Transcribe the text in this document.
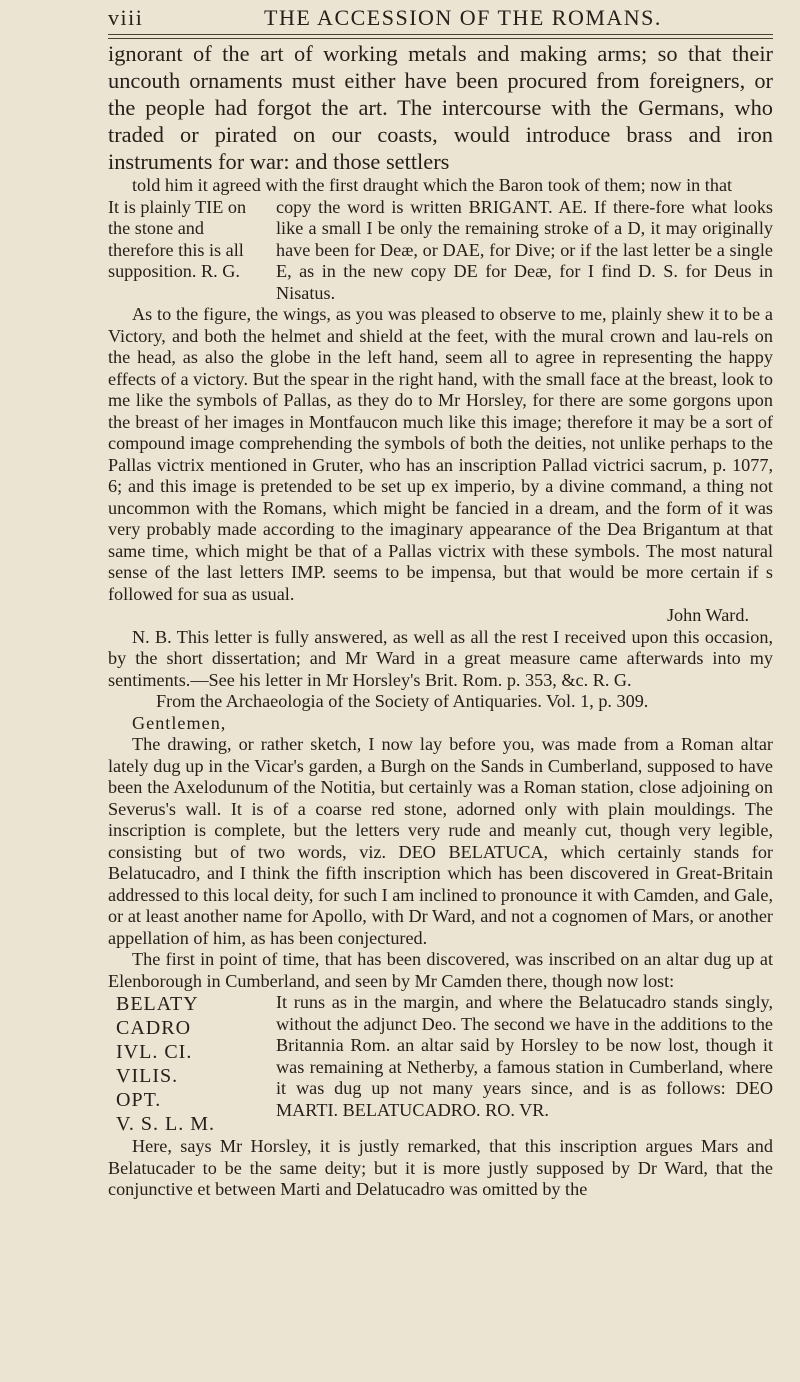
viii	THE ACCESSION OF THE ROMANS.

ignorant of the art of working metals and making arms; so that their uncouth ornaments must either have been procured from foreigners, or the people had forgot the art. The intercourse with the Germans, who traded or pirated on our coasts, would introduce brass and iron instruments for war: and those settlers

told him it agreed with the first draught which the Baron took of them; now in that

It is plainly TIE on the stone and therefore this is all supposition. R. G.

copy the word is written BRIGANT. AE. If there-fore what looks like a small I be only the remaining stroke of a D, it may originally have been for Deæ, or DAE, for Dive; or if the last letter be a single E, as in the new copy DE for Deæ, for I find D. S. for Deus in Nisatus.

As to the figure, the wings, as you was pleased to observe to me, plainly shew it to be a Victory, and both the helmet and shield at the feet, with the mural crown and lau-rels on the head, as also the globe in the left hand, seem all to agree in representing the happy effects of a victory. But the spear in the right hand, with the small face at the breast, look to me like the symbols of Pallas, as they do to Mr Horsley, for there are some gorgons upon the breast of her images in Montfaucon much like this image; therefore it may be a sort of compound image comprehending the symbols of both the deities, not unlike perhaps to the Pallas victrix mentioned in Gruter, who has an inscription Pallad victrici sacrum, p. 1077, 6; and this image is pretended to be set up ex imperio, by a divine command, a thing not uncommon with the Romans, which might be fancied in a dream, and the form of it was very probably made according to the imaginary appearance of the Dea Brigantum at that same time, which might be that of a Pallas victrix with these symbols. The most natural sense of the last letters IMP. seems to be impensa, but that would be more certain if s followed for sua as usual.

John Ward.

N. B. This letter is fully answered, as well as all the rest I received upon this occasion, by the short dissertation; and Mr Ward in a great measure came afterwards into my sentiments.—See his letter in Mr Horsley's Brit. Rom. p. 353, &c. R. G.

From the Archaeologia of the Society of Antiquaries. Vol. 1, p. 309.

Gentlemen,

The drawing, or rather sketch, I now lay before you, was made from a Roman altar lately dug up in the Vicar's garden, a Burgh on the Sands in Cumberland, supposed to have been the Axelodunum of the Notitia, but certainly was a Roman station, close adjoining on Severus's wall. It is of a coarse red stone, adorned only with plain mouldings. The inscription is complete, but the letters very rude and meanly cut, though very legible, consisting but of two words, viz. DEO BELATUCA, which certainly stands for Belatucadro, and I think the fifth inscription which has been discovered in Great-Britain addressed to this local deity, for such I am inclined to pronounce it with Camden, and Gale, or at least another name for Apollo, with Dr Ward, and not a cognomen of Mars, or another appellation of him, as has been conjectured.

The first in point of time, that has been discovered, was inscribed on an altar dug up at Elenborough in Cumberland, and seen by Mr Camden there, though now lost:

BELATY
CADRO
IVL. CI.
VILIS.
OPT.
V. S. L. M.

It runs as in the margin, and where the Belatucadro stands singly, without the adjunct Deo. The second we have in the additions to the Britannia Rom. an altar said by Horsley to be now lost, though it was remaining at Netherby, a famous station in Cumberland, where it was dug up not many years since, and is as follows: DEO MARTI. BELATUCADRO. RO. VR.

Here, says Mr Horsley, it is justly remarked, that this inscription argues Mars and Belatucader to be the same deity; but it is more justly supposed by Dr Ward, that the conjunctive et between Marti and Delatucadro was omitted by the
